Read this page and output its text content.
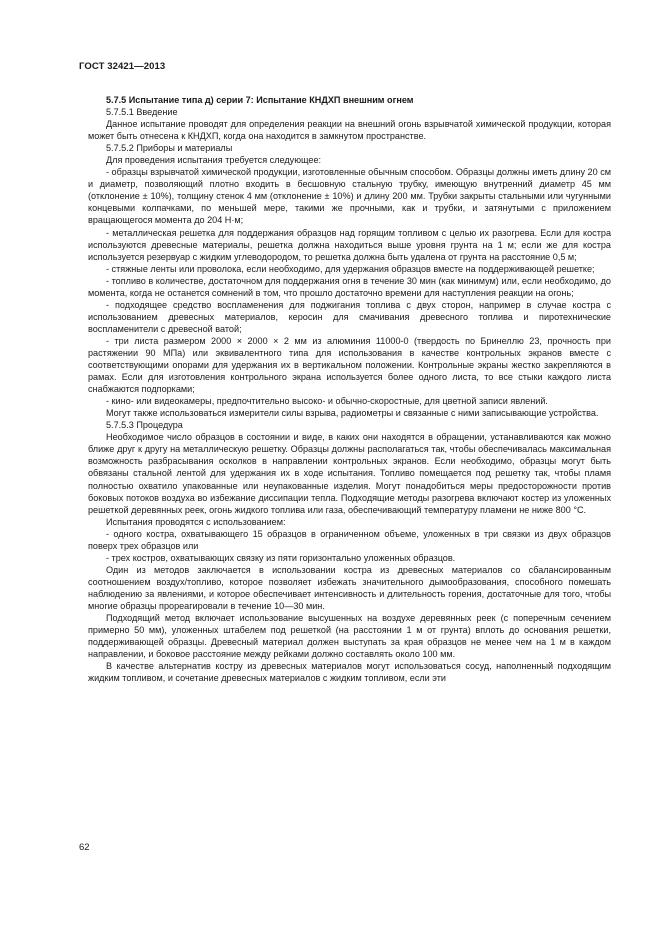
ГОСТ 32421—2013

5.7.5 Испытание типа д) серии 7: Испытание КНДХП внешним огнем

5.7.5.1 Введение

Данное испытание проводят для определения реакции на внешний огонь взрывчатой химической продукции, которая может быть отнесена к КНДХП, когда она находится в замкнутом пространстве.

5.7.5.2 Приборы и материалы

Для проведения испытания требуется следующее:

- образцы взрывчатой химической продукции, изготовленные обычным способом. Образцы должны иметь длину 20 см и диаметр, позволяющий плотно входить в бесшовную стальную трубку, имеющую внутренний диаметр 45 мм (отклонение ± 10%), толщину стенок 4 мм (отклонение ± 10%) и длину 200 мм. Трубки закрыты стальными или чугунными концевыми колпачками, по меньшей мере, такими же прочными, как и трубки, и затянутыми с приложением вращающегося момента до 204 Н·м;

- металлическая решетка для поддержания образцов над горящим топливом с целью их разогрева. Если для костра используются древесные материалы, решетка должна находиться выше уровня грунта на 1 м; если же для костра используется резервуар с жидким углеводородом, то решетка должна быть удалена от грунта на расстояние 0,5 м;

- стяжные ленты или проволока, если необходимо, для удержания образцов вместе на поддерживающей решетке;

- топливо в количестве, достаточном для поддержания огня в течение 30 мин (как минимум) или, если необходимо, до момента, когда не останется сомнений в том, что прошло достаточно времени для наступления реакции на огонь;

- подходящее средство воспламенения для поджигания топлива с двух сторон, например в случае костра с использованием древесных материалов, керосин для смачивания древесного топлива и пиротехнические воспламенители с древесной ватой;

- три листа размером 2000 × 2000 × 2 мм из алюминия 11000-0 (твердость по Бринеллю 23, прочность при растяжении 90 МПа) или эквивалентного типа для использования в качестве контрольных экранов вместе с соответствующими опорами для удержания их в вертикальном положении. Контрольные экраны жестко закрепляются в рамах. Если для изготовления контрольного экрана используется более одного листа, то все стыки каждого листа снабжаются подпорками;

- кино- или видеокамеры, предпочтительно высоко- и обычно-скоростные, для цветной записи явлений.

Могут также использоваться измерители силы взрыва, радиометры и связанные с ними записывающие устройства.

5.7.5.3 Процедура

Необходимое число образцов в состоянии и виде, в каких они находятся в обращении, устанавливаются как можно ближе друг к другу на металлическую решетку. Образцы должны располагаться так, чтобы обеспечивалась максимальная возможность разбрасывания осколков в направлении контрольных экранов. Если необходимо, образцы могут быть обвязаны стальной лентой для удержания их в ходе испытания. Топливо помещается под решетку так, чтобы пламя полностью охватило упакованные или неупакованные изделия. Могут понадобиться меры предосторожности против боковых потоков воздуха во избежание диссипации тепла. Подходящие методы разогрева включают костер из уложенных решеткой деревянных реек, огонь жидкого топлива или газа, обеспечивающий температуру пламени не ниже 800 °C.

Испытания проводятся с использованием:

- одного костра, охватывающего 15 образцов в ограниченном объеме, уложенных в три связки из двух образцов поверх трех образцов или

- трех костров, охватывающих связку из пяти горизонтально уложенных образцов.

Один из методов заключается в использовании костра из древесных материалов со сбалансированным соотношением воздух/топливо, которое позволяет избежать значительного дымообразования, способного помешать наблюдению за явлениями, и которое обеспечивает интенсивность и длительность горения, достаточные для того, чтобы многие образцы прореагировали в течение 10—30 мин.

Подходящий метод включает использование высушенных на воздухе деревянных реек (с поперечным сечением примерно 50 мм), уложенных штабелем под решеткой (на расстоянии 1 м от грунта) вплоть до основания решетки, поддерживающей образцы. Древесный материал должен выступать за края образцов не менее чем на 1 м в каждом направлении, и боковое расстояние между рейками должно составлять около 100 мм.

В качестве альтернатив костру из древесных материалов могут использоваться сосуд, наполненный подходящим жидким топливом, и сочетание древесных материалов с жидким топливом, если эти

62
